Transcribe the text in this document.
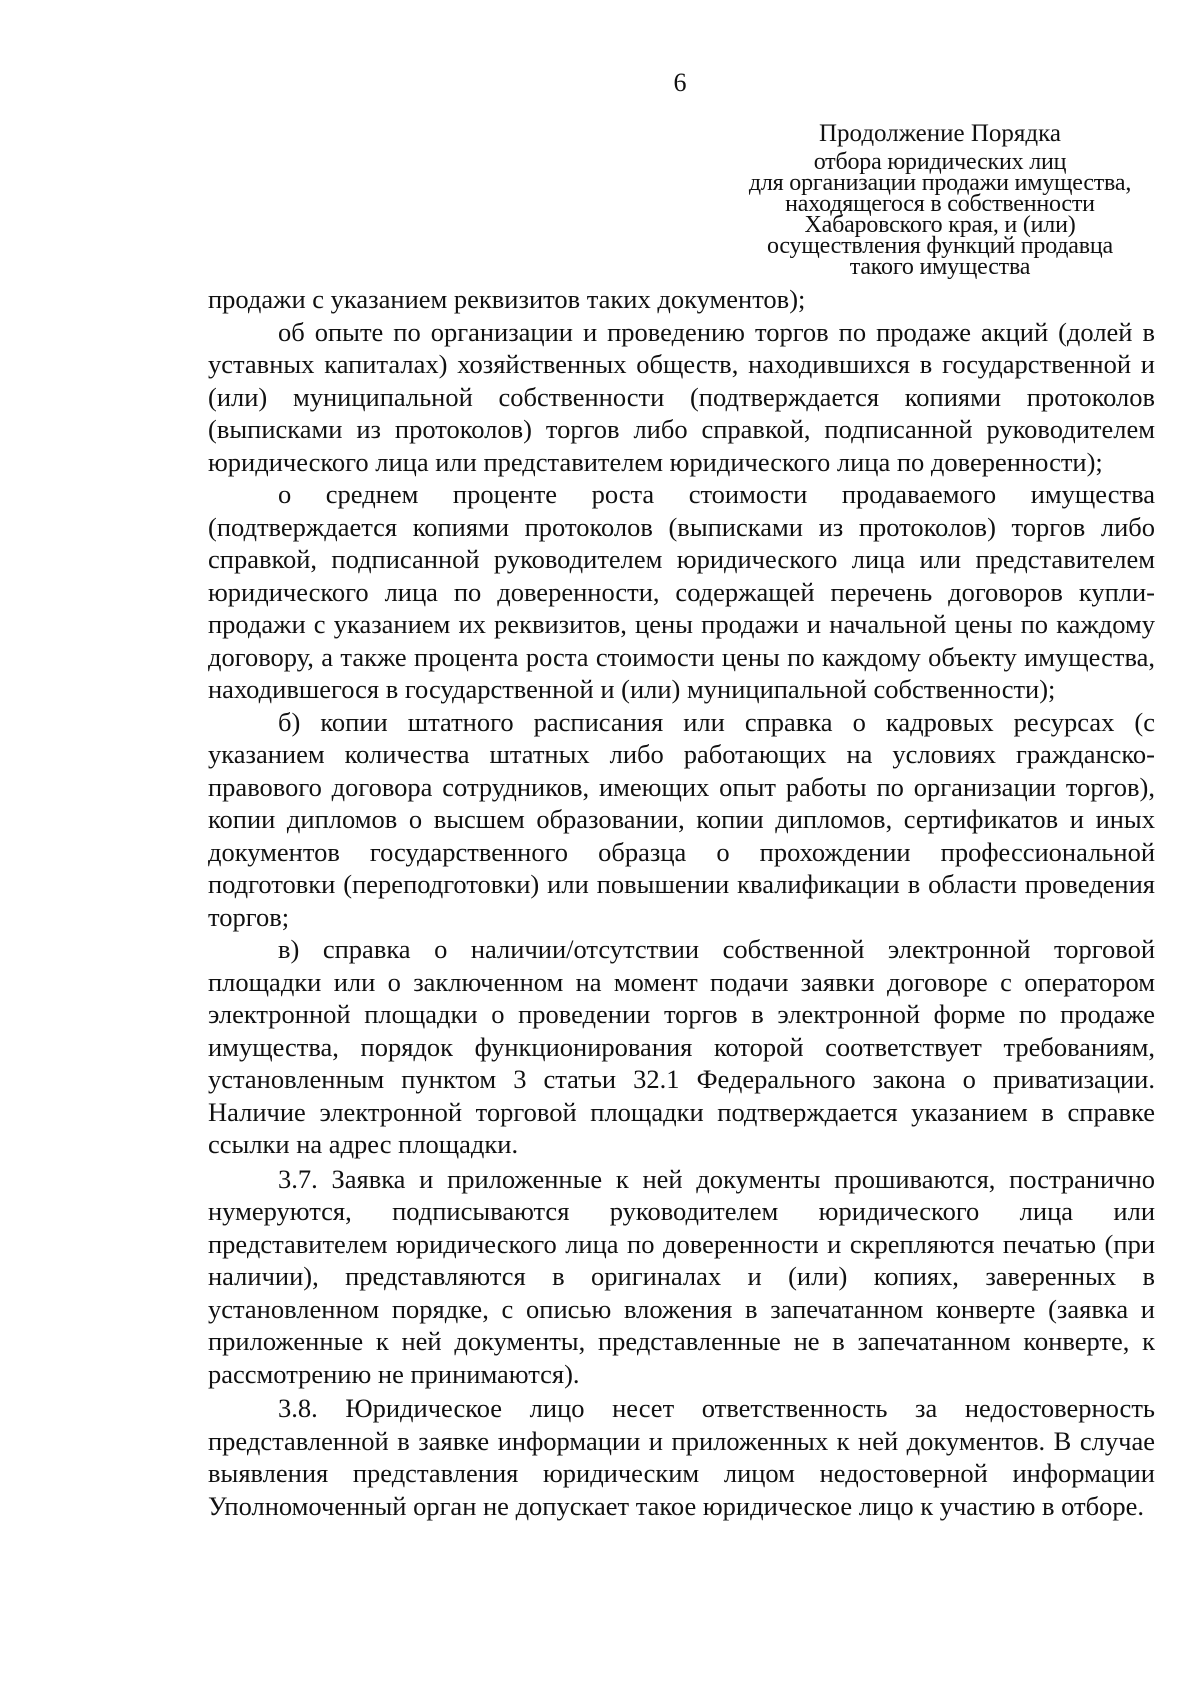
6
Продолжение Порядка
отбора юридических лиц
для организации продажи имущества,
находящегося в собственности
Хабаровского края, и (или)
осуществления функций продавца
такого имущества

продажи с указанием реквизитов таких документов);

об опыте по организации и проведению торгов по продаже акций (долей в уставных капиталах) хозяйственных обществ, находившихся в государственной и (или) муниципальной собственности (подтверждается копиями протоколов (выписками из протоколов) торгов либо справкой, подписанной руководителем юридического лица или представителем юридического лица по доверенности);

о среднем проценте роста стоимости продаваемого имущества (подтверждается копиями протоколов (выписками из протоколов) торгов либо справкой, подписанной руководителем юридического лица или представителем юридического лица по доверенности, содержащей перечень договоров купли-продажи с указанием их реквизитов, цены продажи и начальной цены по каждому договору, а также процента роста стоимости цены по каждому объекту имущества, находившегося в государственной и (или) муниципальной собственности);

б) копии штатного расписания или справка о кадровых ресурсах (с указанием количества штатных либо работающих на условиях гражданско-правового договора сотрудников, имеющих опыт работы по организации торгов), копии дипломов о высшем образовании, копии дипломов, сертификатов и иных документов государственного образца о прохождении профессиональной подготовки (переподготовки) или повышении квалификации в области проведения торгов;

в) справка о наличии/отсутствии собственной электронной торговой площадки или о заключенном на момент подачи заявки договоре с оператором электронной площадки о проведении торгов в электронной форме по продаже имущества, порядок функционирования которой соответствует требованиям, установленным пунктом 3 статьи 32.1 Федерального закона о приватизации. Наличие электронной торговой площадки подтверждается указанием в справке ссылки на адрес площадки.

3.7. Заявка и приложенные к ней документы прошиваются, постранично нумеруются, подписываются руководителем юридического лица или представителем юридического лица по доверенности и скрепляются печатью (при наличии), представляются в оригиналах и (или) копиях, заверенных в установленном порядке, с описью вложения в запечатанном конверте (заявка и приложенные к ней документы, представленные не в запечатанном конверте, к рассмотрению не принимаются).

3.8. Юридическое лицо несет ответственность за недостоверность представленной в заявке информации и приложенных к ней документов. В случае выявления представления юридическим лицом недостоверной информации Уполномоченный орган не допускает такое юридическое лицо к участию в отборе.
